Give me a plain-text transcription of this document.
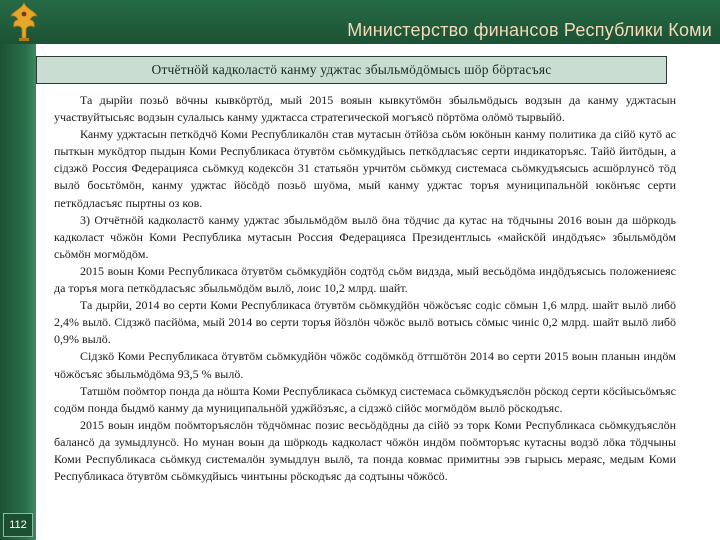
Министерство финансов Республики Коми
Отчётнӧй кадколастӧ канму уджтас збыльмӧдӧмысь шӧр бӧртасъяс

Та дырйи позьӧ вӧчны кывкӧртӧд, мый 2015 вояын кывкутӧмӧн збыльмӧдысь водзын да канму уджтасын участвуйтысьяс водзын сулалысь канму уджтасса стратегической могъясӧ пӧртӧма олӧмӧ тырвыйӧ.

Канму уджтасын петкӧдчӧ Коми Республикалӧн став мутасын ӧтйӧза сьӧм юкӧнын канму политика да сійӧ кутӧ ас пыткын мукӧдтор пыдын Коми Республикаса ӧтувтӧм сьӧмкудйысь петкӧдласъяс серти индикаторъяс. Тайӧ йитӧдын, а сідзжӧ Россия Федерацияса сьӧмкуд кодексӧн 31 статьяӧн урчитӧм сьӧмкуд системаса сьӧмкудъясысь асшӧрлунсӧ тӧд вылӧ босьтӧмӧн, канму уджтас йӧсӧдӧ позьӧ шуӧма, мый канму уджтас торъя муниципальнӧй юкӧнъяс серти петкӧдласъяс пыртны оз ков.

3) Отчётнӧй кадколастӧ канму уджтас збыльмӧдӧм вылӧ ӧна тӧдчис да кутас на тӧдчыны 2016 воын да шӧркодь кадколаст чӧжӧн Коми Республика мутасын Россия Федерацияса Президентлысь «майскӧй индӧдъяс» збыльмӧдӧм сьӧмӧн могмӧдӧм.

2015 воын Коми Республикаса ӧтувтӧм сьӧмкудйӧн содтӧд сьӧм видзда, мый весьӧдӧма индӧдъясысь положениеяс да торъя мога петкӧдласъяс збыльмӧдӧм вылӧ, лоис 10,2 млрд. шайт.

Та дырйи, 2014 во серти Коми Республикаса ӧтувтӧм сьӧмкудйӧн чӧжӧсъяс содіс сӧмын 1,6 млрд. шайт вылӧ либӧ 2,4% вылӧ. Сідзжӧ пасйӧма, мый 2014 во серти торъя йӧзлӧн чӧжӧс вылӧ вотысь сӧмыс чиніс 0,2 млрд. шайт вылӧ либӧ 0,9% вылӧ.

Сідзкӧ Коми Республикаса ӧтувтӧм сьӧмкудйӧн чӧжӧс содӧмкӧд ӧттшӧтӧн 2014 во серти 2015 воын планын индӧм чӧжӧсъяс збыльмӧдӧма 93,5 % вылӧ.

Татшӧм поӧмтор понда да нӧшта Коми Республикаса сьӧмкуд системаса сьӧмкудъяслӧн рӧскод серти кӧсйысьӧмъяс содӧм понда быдмӧ канму да муниципальнӧй уджйӧзъяс, а сідзжӧ сійӧс могмӧдӧм вылӧ рӧскодъяс.

2015 воын индӧм поӧмторъяслӧн тӧдчӧмнас позис весьӧдӧдны да сійӧ эз торк Коми Республикаса сьӧмкудъяслӧн балансӧ да зумыдлунсӧ. Но мунан воын да шӧркодь кадколаст чӧжӧн индӧм поӧмторъяс кутасны водзӧ лӧка тӧдчыны Коми Республикаса сьӧмкуд системалӧн зумыдлун вылӧ, та понда ковмас примитны ээв гырысь мераяс, медым Коми Республикаса ӧтувтӧм сьӧмкудйысь чинтыны рӧскодъяс да содтыны чӧжӧсӧ.

112
